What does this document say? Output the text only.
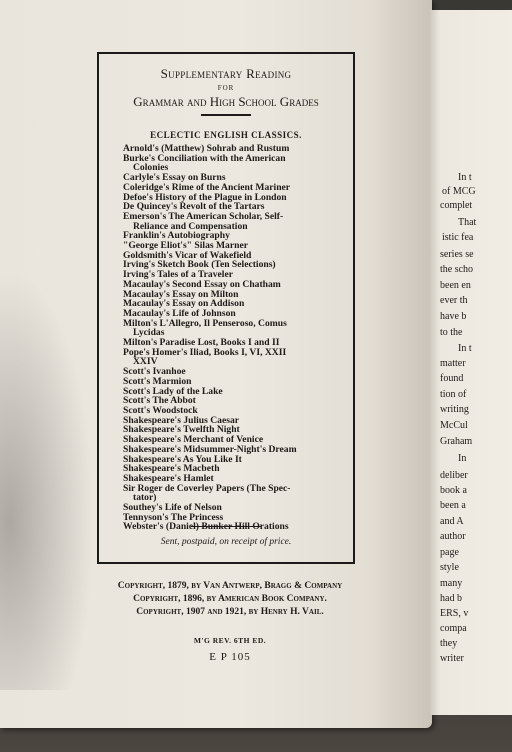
Supplementary Reading
for
Grammar and High School Grades
ECLECTIC ENGLISH CLASSICS.
Arnold's (Matthew) Sohrab and Rustum
Burke's Conciliation with the American
Colonies
Carlyle's Essay on Burns
Coleridge's Rime of the Ancient Mariner
Defoe's History of the Plague in London
De Quincey's Revolt of the Tartars
Emerson's The American Scholar, Self-
Reliance and Compensation
Franklin's Autobiography
"George Eliot's" Silas Marner
Goldsmith's Vicar of Wakefield
Irving's Sketch Book (Ten Selections)
Irving's Tales of a Traveler
Macaulay's Second Essay on Chatham
Macaulay's Essay on Milton
Macaulay's Essay on Addison
Macaulay's Life of Johnson
Milton's L'Allegro, Il Penseroso, Comus
Lycidas
Milton's Paradise Lost, Books I and II
Pope's Homer's Iliad, Books I, VI, XXII
XXIV
Scott's Ivanhoe
Scott's Marmion
Scott's Lady of the Lake
Scott's The Abbot
Scott's Woodstock
Shakespeare's Julius Caesar
Shakespeare's Twelfth Night
Shakespeare's Merchant of Venice
Shakespeare's Midsummer-Night's Dream
Shakespeare's As You Like It
Shakespeare's Macbeth
Shakespeare's Hamlet
Sir Roger de Coverley Papers (The Spec-
tator)
Southey's Life of Nelson
Tennyson's The Princess
Webster's (Daniel) Bunker Hill Orations
Sent, postpaid, on receipt of price.
Copyright, 1879, by Van Antwerp, Bragg & Company
Copyright, 1896, by American Book Company.
Copyright, 1907 and 1921, by Henry H. Vail.
M'G REV. 6TH ED.
E P 105
In t
of MCG
complet
That
istic fea
series se
the scho
been en
ever th
have b
to the
In t
matter
found
tion of
writing
McCul
Graham
In
deliber
book a
been a
and A
author
page
style
many
had b
ERS, v
compa
they
writer
